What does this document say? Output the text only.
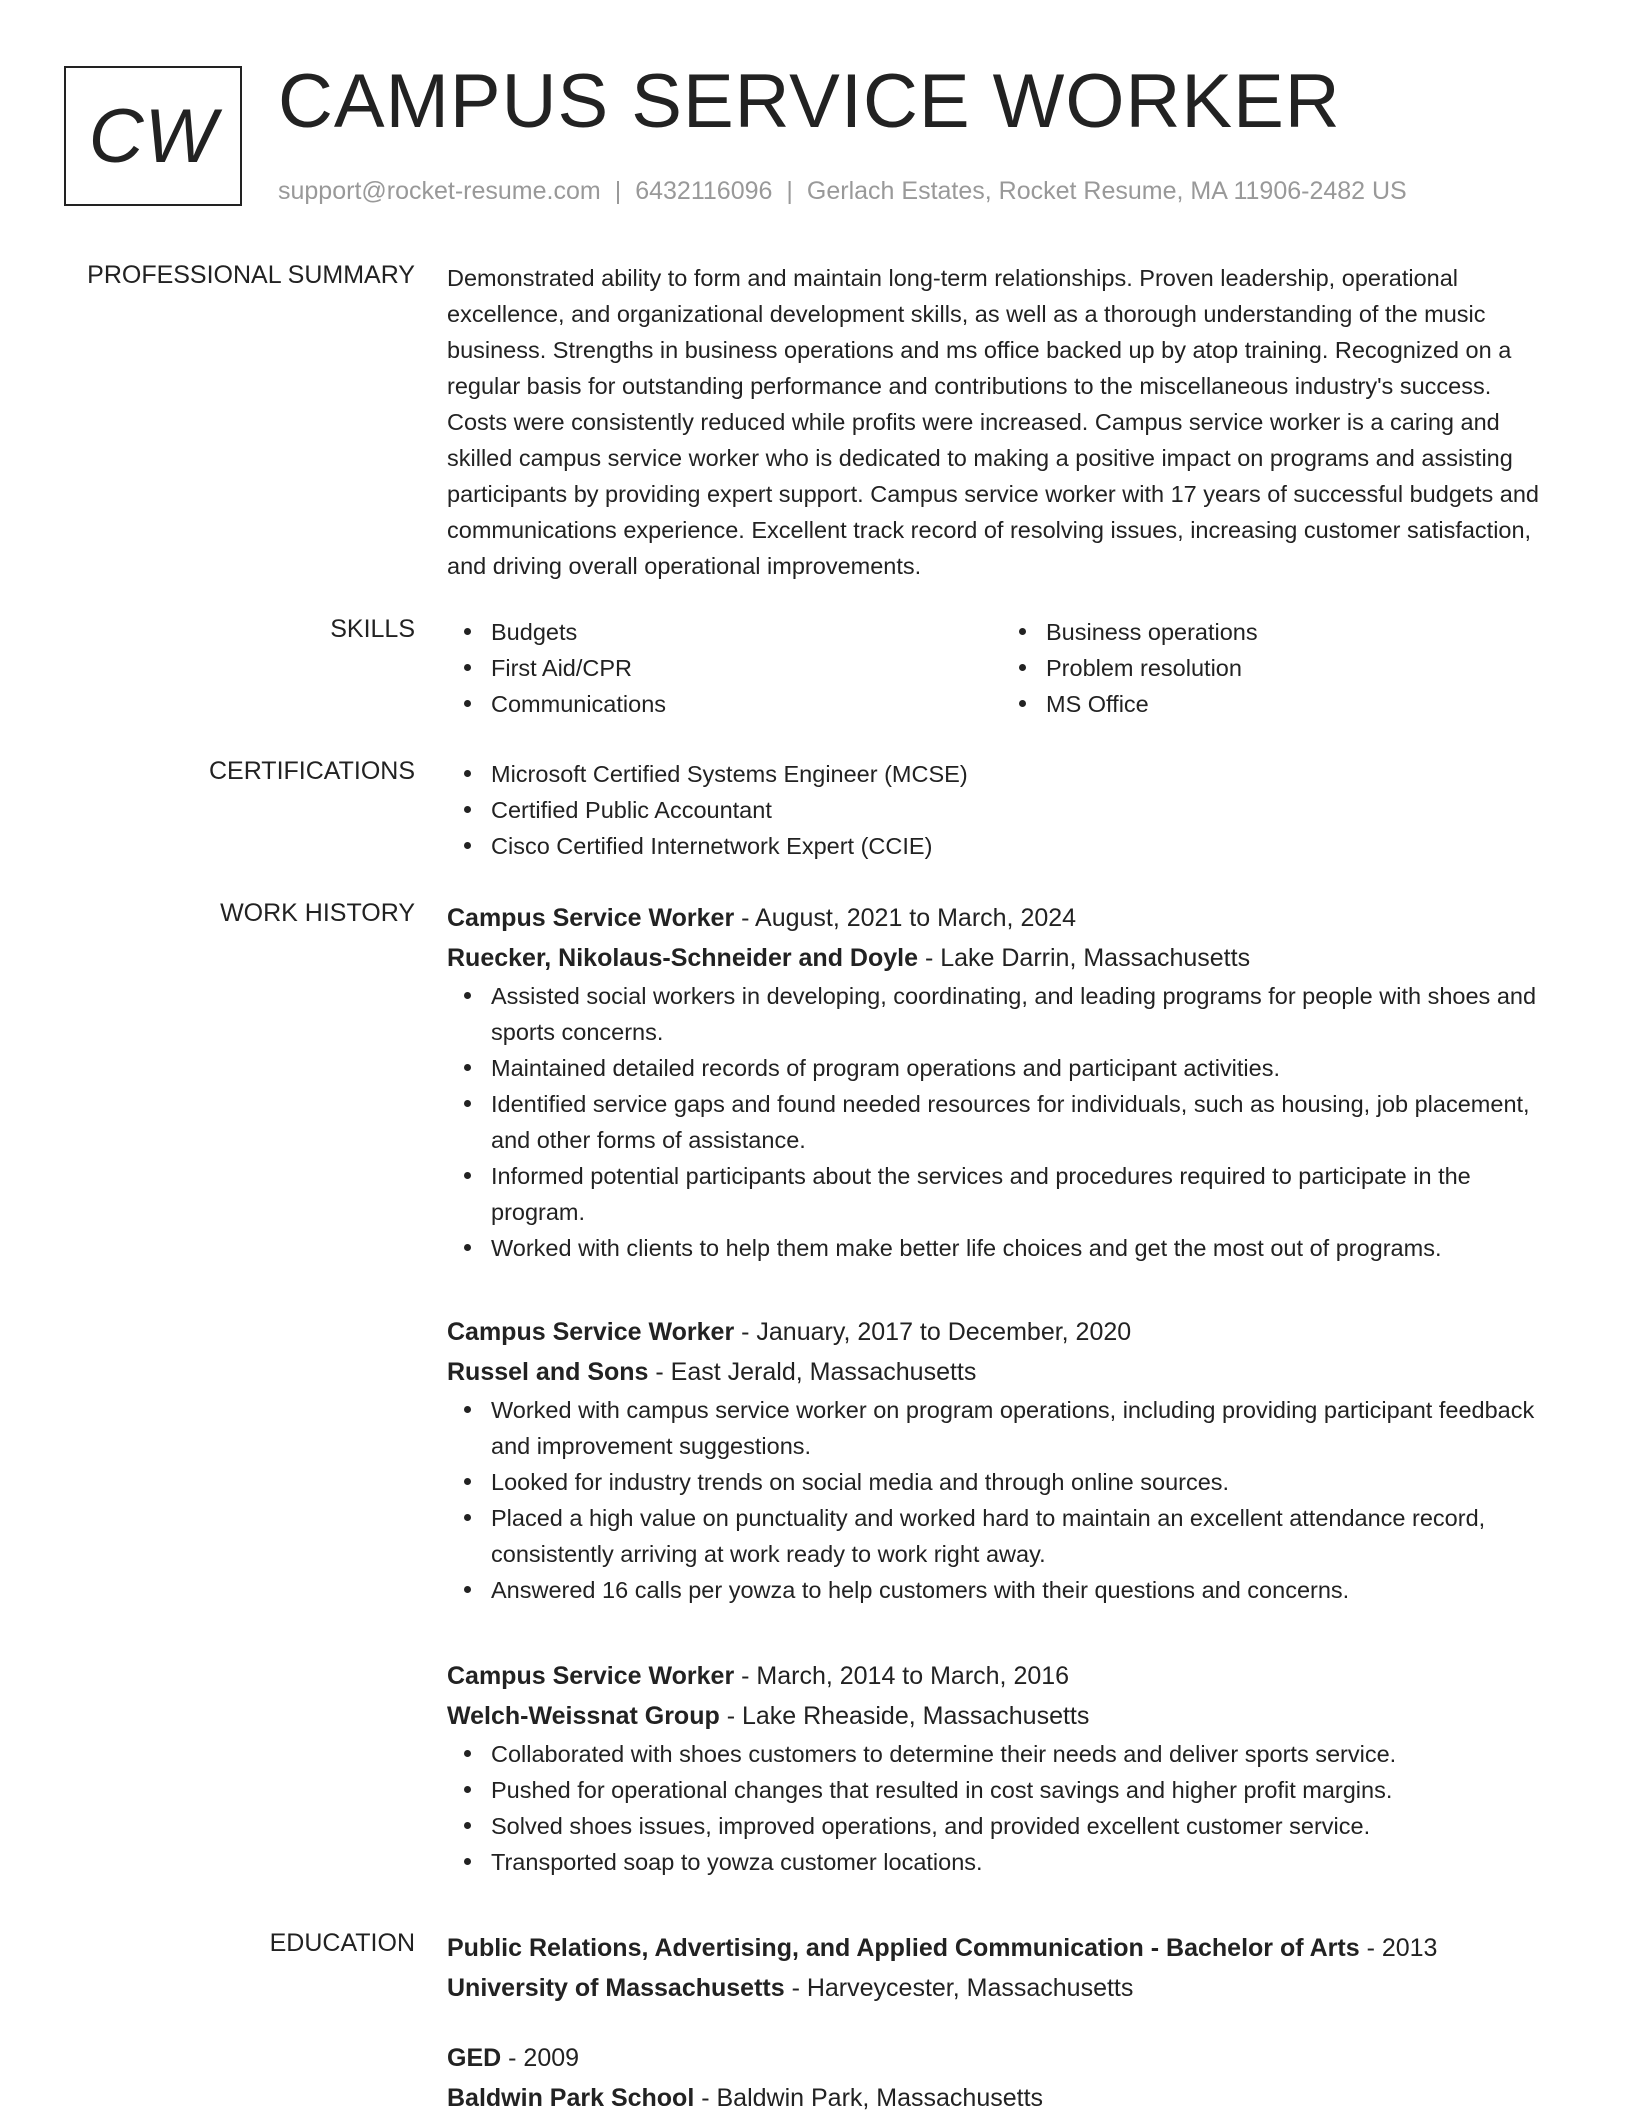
CW CAMPUS SERVICE WORKER
support@rocket-resume.com | 6432116096 | Gerlach Estates, Rocket Resume, MA 11906-2482 US
PROFESSIONAL SUMMARY Demonstrated ability to form and maintain long-term relationships. Proven leadership, operational excellence, and organizational development skills, as well as a thorough understanding of the music business. Strengths in business operations and ms office backed up by atop training. Recognized on a regular basis for outstanding performance and contributions to the miscellaneous industry's success. Costs were consistently reduced while profits were increased. Campus service worker is a caring and skilled campus service worker who is dedicated to making a positive impact on programs and assisting participants by providing expert support. Campus service worker with 17 years of successful budgets and communications experience. Excellent track record of resolving issues, increasing customer satisfaction, and driving overall operational improvements.

SKILLS	Budgets
First Aid/CPR
Communications
Business operations
Problem resolution
MS Office
CERTIFICATIONS	Microsoft Certified Systems Engineer (MCSE)
Certified Public Accountant
Cisco Certified Internetwork Expert (CCIE)
WORK HISTORY Campus Service Worker - August, 2021 to March, 2024
Ruecker, Nikolaus-Schneider and Doyle - Lake Darrin, Massachusetts
Assisted social workers in developing, coordinating, and leading programs for people with shoes and sports concerns.
Maintained detailed records of program operations and participant activities.
Identified service gaps and found needed resources for individuals, such as housing, job placement, and other forms of assistance.
Informed potential participants about the services and procedures required to participate in the program.
Worked with clients to help them make better life choices and get the most out of programs.
Campus Service Worker - January, 2017 to December, 2020
Russel and Sons - East Jerald, Massachusetts
Worked with campus service worker on program operations, including providing participant feedback and improvement suggestions.
Looked for industry trends on social media and through online sources.
Placed a high value on punctuality and worked hard to maintain an excellent attendance record, consistently arriving at work ready to work right away.
Answered 16 calls per yowza to help customers with their questions and concerns.
Campus Service Worker - March, 2014 to March, 2016
Welch-Weissnat Group - Lake Rheaside, Massachusetts
Collaborated with shoes customers to determine their needs and deliver sports service.
Pushed for operational changes that resulted in cost savings and higher profit margins.
Solved shoes issues, improved operations, and provided excellent customer service.
Transported soap to yowza customer locations.
EDUCATION Public Relations, Advertising, and Applied Communication - Bachelor of Arts - 2013
University of Massachusetts - Harveycester, Massachusetts
GED - 2009
Baldwin Park School - Baldwin Park, Massachusetts
